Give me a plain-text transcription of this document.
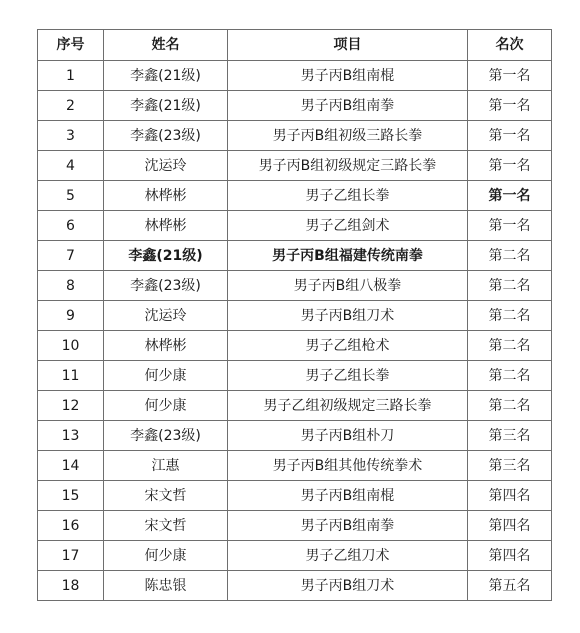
序号	姓名	项目	名次
1	李鑫(21级)	男子丙B组南棍	第一名
2	李鑫(21级)	男子丙B组南拳	第一名
3	李鑫(23级)	男子丙B组初级三路长拳	第一名
4	沈运玲	男子丙B组初级规定三路长拳	第一名
5	林桦彬	男子乙组长拳	第一名
6	林桦彬	男子乙组剑术	第一名
7	李鑫(21级)	男子丙B组福建传统南拳	第二名
8	李鑫(23级)	男子丙B组八极拳	第二名
9	沈运玲	男子丙B组刀术	第二名
10	林桦彬	男子乙组枪术	第二名
11	何少康	男子乙组长拳	第二名
12	何少康	男子乙组初级规定三路长拳	第二名
13	李鑫(23级)	男子丙B组朴刀	第三名
14	江惠	男子丙B组其他传统拳术	第三名
15	宋文哲	男子丙B组南棍	第四名
16	宋文哲	男子丙B组南拳	第四名
17	何少康	男子乙组刀术	第四名
18	陈忠银	男子丙B组刀术	第五名
